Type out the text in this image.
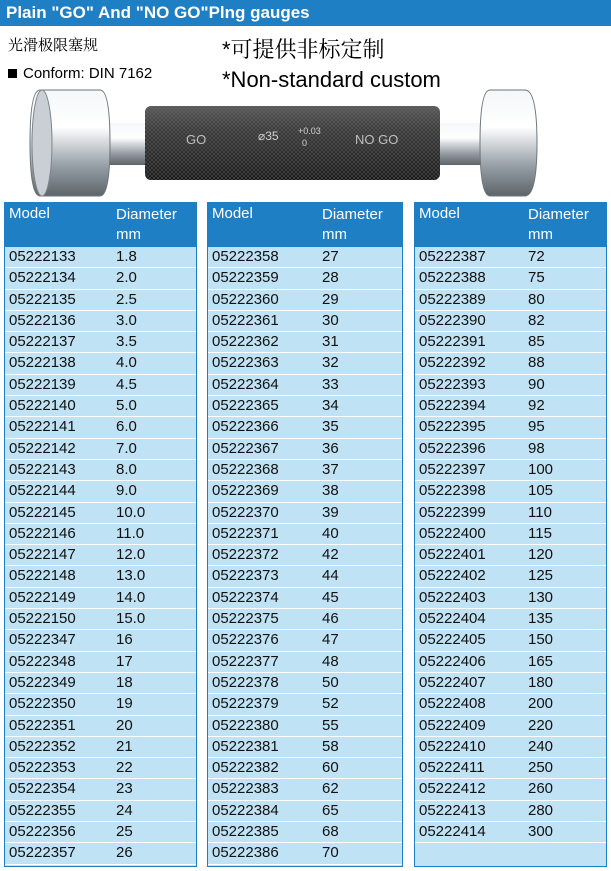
Plain "GO" And "NO GO"Plng gauges
光滑极限塞规
Conform: DIN 7162
*可提供非标定制
*Non-standard custom
GO	⌀35 +0.03
0	NO GO
Model	Diameter
mm
05222133	1.8
05222134	2.0
05222135	2.5
05222136	3.0
05222137	3.5
05222138	4.0
05222139	4.5
05222140	5.0
05222141	6.0
05222142	7.0
05222143	8.0
05222144	9.0
05222145	10.0
05222146	11.0
05222147	12.0
05222148	13.0
05222149	14.0
05222150	15.0
05222347	16
05222348	17
05222349	18
05222350	19
05222351	20
05222352	21
05222353	22
05222354	23
05222355	24
05222356	25
05222357	26
Model	Diameter
mm
05222358	27
05222359	28
05222360	29
05222361	30
05222362	31
05222363	32
05222364	33
05222365	34
05222366	35
05222367	36
05222368	37
05222369	38
05222370	39
05222371	40
05222372	42
05222373	44
05222374	45
05222375	46
05222376	47
05222377	48
05222378	50
05222379	52
05222380	55
05222381	58
05222382	60
05222383	62
05222384	65
05222385	68
05222386	70
Model	Diameter
mm
05222387	72
05222388	75
05222389	80
05222390	82
05222391	85
05222392	88
05222393	90
05222394	92
05222395	95
05222396	98
05222397	100
05222398	105
05222399	110
05222400	115
05222401	120
05222402	125
05222403	130
05222404	135
05222405	150
05222406	165
05222407	180
05222408	200
05222409	220
05222410	240
05222411	250
05222412	260
05222413	280
05222414	300
